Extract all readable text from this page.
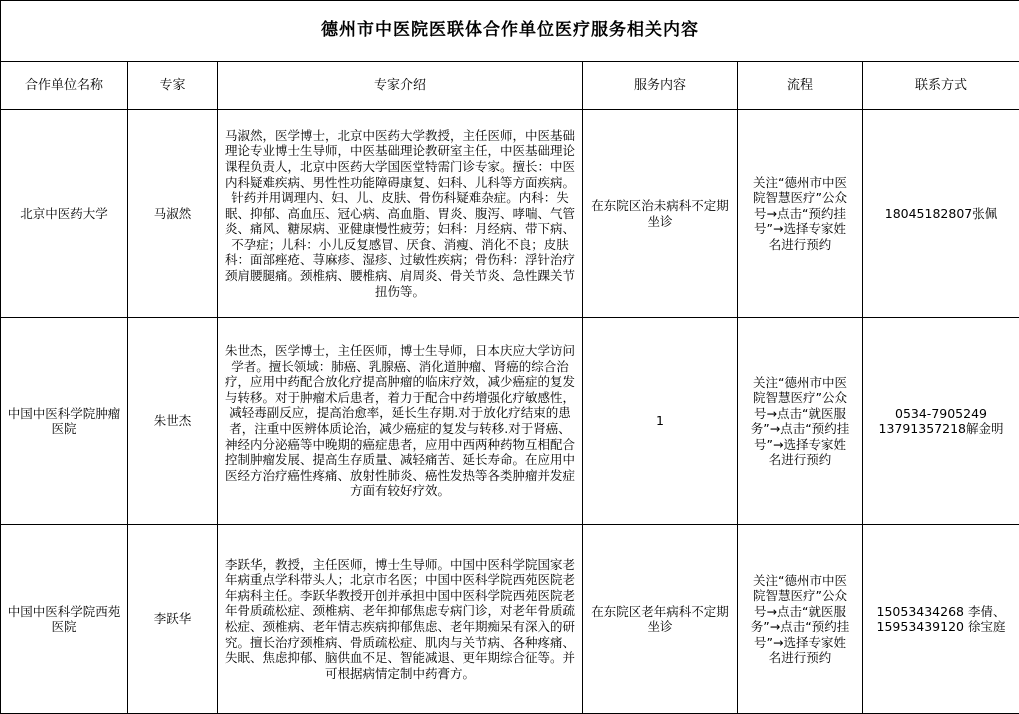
德州市中医院医联体合作单位医疗服务相关内容					
合作单位名称	专家	专家介绍	服务内容	流程	联系方式
北京中医药大学	马淑然	马淑然，医学博士，北京中医药大学教授，主任医师，中医基础理论专业博士生导师，中医基础理论教研室主任，中医基础理论课程负责人，北京中医药大学国医堂特需门诊专家。擅长：中医内科疑难疾病、男性性功能障碍康复、妇科、儿科等方面疾病。针药并用调理内、妇、儿、皮肤、骨伤科疑难杂症。内科：失眠、抑郁、高血压、冠心病、高血脂、胃炎、腹泻、哮喘、气管炎、痛风、糖尿病、亚健康慢性疲劳；妇科：月经病、带下病、不孕症；儿科：小儿反复感冒、厌食、消瘦、消化不良；皮肤科：面部痤疮、荨麻疹、湿疹、过敏性疾病；骨伤科：浮针治疗颈肩腰腿痛。颈椎病、腰椎病、肩周炎、骨关节炎、急性踝关节扭伤等。	在东院区治未病科不定期坐诊	关注“德州市中医院智慧医疗”公众号→点击“预约挂号”→选择专家姓名进行预约	18045182807张佩
中国中医科学院肿瘤医院	朱世杰	朱世杰，医学博士，主任医师，博士生导师，日本庆应大学访问学者。擅长领域：肺癌、乳腺癌、消化道肿瘤、肾癌的综合治疗，应用中药配合放化疗提高肿瘤的临床疗效，减少癌症的复发与转移。对于肿瘤术后患者，着力于配合中药增强化疗敏感性，减轻毒副反应，提高治愈率，延长生存期.对于放化疗结束的患者，注重中医辨体质论治，减少癌症的复发与转移.对于肾癌、神经内分泌癌等中晚期的癌症患者，应用中西两种药物互相配合控制肿瘤发展、提高生存质量、减轻痛苦、延长寿命。在应用中医经方治疗癌性疼痛、放射性肺炎、癌性发热等各类肿瘤并发症方面有较好疗效。	1	关注“德州市中医院智慧医疗”公众号→点击“就医服务”→点击“预约挂号”→选择专家姓名进行预约	0534-7905249
13791357218解金明
中国中医科学院西苑医院	李跃华	李跃华，教授，主任医师，博士生导师。中国中医科学院国家老年病重点学科带头人；北京市名医；中国中医科学院西苑医院老年病科主任。李跃华教授开创并承担中国中医科学院西苑医院老年骨质疏松症、颈椎病、老年抑郁焦虑专病门诊，对老年骨质疏松症、颈椎病、老年情志疾病抑郁焦虑、老年期痴呆有深入的研究。擅长治疗颈椎病、骨质疏松症、肌肉与关节病、各种疼痛、失眠、焦虑抑郁、脑供血不足、智能减退、更年期综合征等。并可根据病情定制中药膏方。	在东院区老年病科不定期坐诊	关注“德州市中医院智慧医疗”公众号→点击“就医服务”→点击“预约挂号”→选择专家姓名进行预约	15053434268 李倩、15953439120 徐宝庭
